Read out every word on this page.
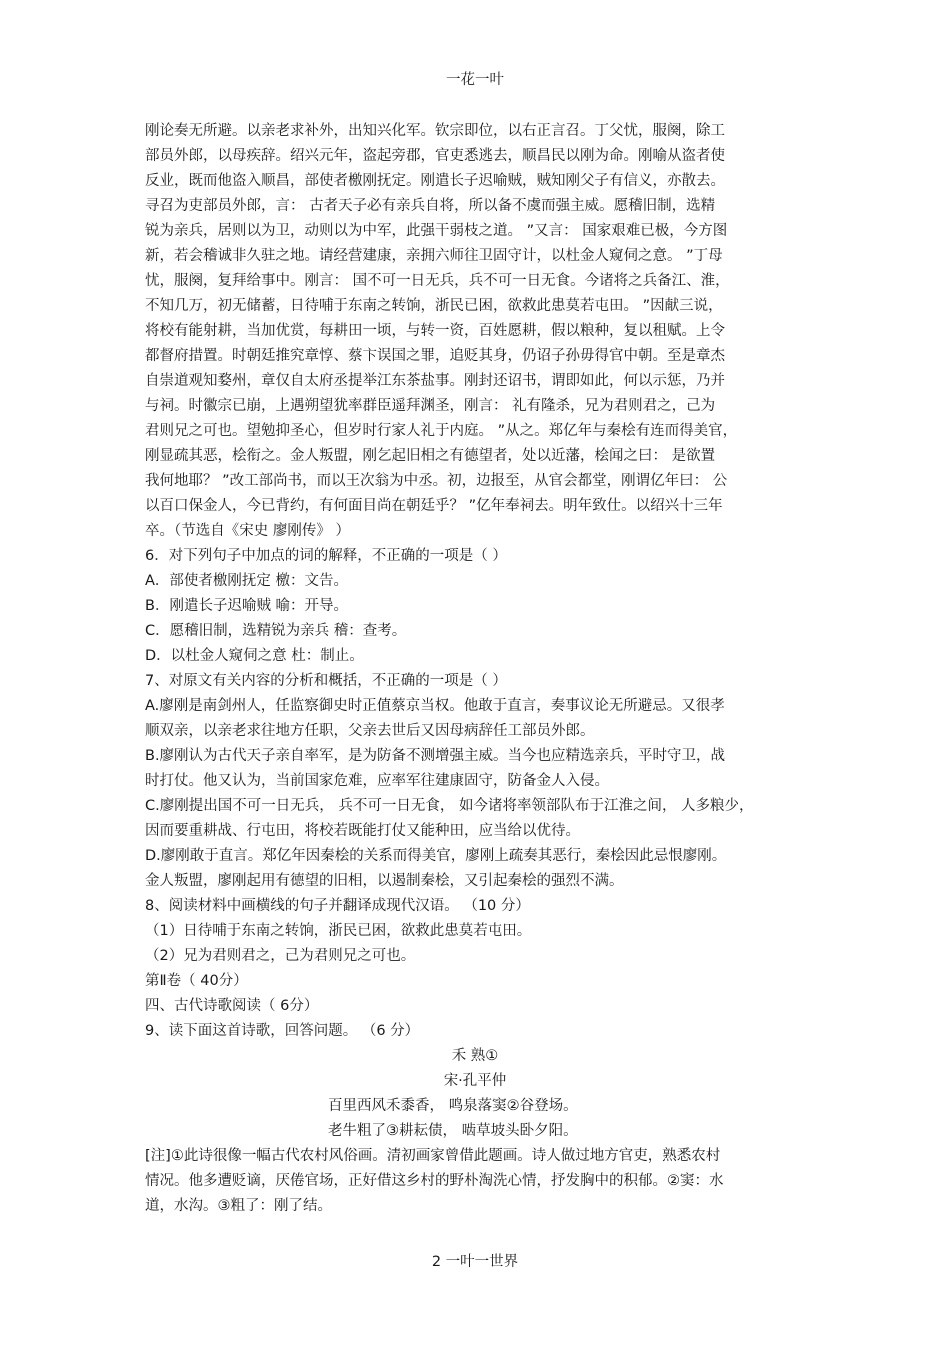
一花一叶
刚论奏无所避。以亲老求补外，出知兴化军。钦宗即位，以右正言召。丁父忧，服阕，除工
部员外郎，以母疾辞。绍兴元年，盗起旁郡，官吏悉逃去，顺昌民以刚为命。刚喻从盗者使
反业，既而他盗入顺昌，部使者檄刚抚定。刚遣长子迟喻贼，贼知刚父子有信义，亦散去。
寻召为吏部员外郎，言： 古者天子必有亲兵自将，所以备不虞而强主威。愿稽旧制，选精
锐为亲兵，居则以为卫，动则以为中军，此强干弱枝之道。 ”又言： 国家艰难已极，今方图
新，若会稽诚非久驻之地。请经营建康，亲拥六师往卫固守计，以杜金人窥伺之意。 ”丁母
忧，服阕，复拜给事中。刚言： 国不可一日无兵，兵不可一日无食。今诸将之兵备江、淮，
不知几万，初无储蓄，日待哺于东南之转饷，浙民已困，欲救此患莫若屯田。 ”因献三说，
将校有能射耕，当加优赏，每耕田一顷，与转一资，百姓愿耕，假以粮种，复以租赋。上令
都督府措置。时朝廷推究章惇、蔡卞误国之罪，追贬其身，仍诏子孙毋得官中朝。至是章杰
自崇道观知婺州，章仅自太府丞提举江东茶盐事。刚封还诏书，谓即如此，何以示惩，乃并
与祠。时徽宗已崩，上遇朔望犹率群臣遥拜渊圣，刚言： 礼有隆杀，兄为君则君之，己为
君则兄之可也。望勉抑圣心，但岁时行家人礼于内庭。 ”从之。郑亿年与秦桧有连而得美官，
刚显疏其恶，桧衔之。金人叛盟，刚乞起旧相之有德望者，处以近藩，桧闻之曰： 是欲置
我何地耶？ ”改工部尚书，而以王次翁为中丞。初，边报至，从官会都堂，刚谓亿年曰： 公
以百口保金人，今已背约，有何面目尚在朝廷乎？ ”亿年奉祠去。明年致仕。以绍兴十三年
卒。（节选自《宋史 廖刚传》 ）
6．对下列句子中加点的词的解释，不正确的一项是（ ）
A．部使者檄刚抚定 檄：文告。
B．刚遣长子迟喻贼 喻：开导。
C．愿稽旧制，选精锐为亲兵 稽：查考。
D．以杜金人窥伺之意 杜：制止。
7、对原文有关内容的分析和概括，不正确的一项是（ ）
A.廖刚是南剑州人，任监察御史时正值蔡京当权。他敢于直言，奏事议论无所避忌。又很孝
顺双亲，以亲老求往地方任职，父亲去世后又因母病辞任工部员外郎。
B.廖刚认为古代天子亲自率军，是为防备不测增强主威。当今也应精选亲兵，平时守卫，战
时打仗。他又认为，当前国家危难，应率军往建康固守，防备金人入侵。
C.廖刚提出国不可一日无兵， 兵不可一日无食， 如今诸将率领部队布于江淮之间， 人多粮少，
因而要重耕战、行屯田，将校若既能打仗又能种田，应当给以优待。
D.廖刚敢于直言。郑亿年因秦桧的关系而得美官，廖刚上疏奏其恶行，秦桧因此忌恨廖刚。
金人叛盟，廖刚起用有德望的旧相，以遏制秦桧，又引起秦桧的强烈不满。
8、阅读材料中画横线的句子并翻译成现代汉语。 （10 分）
（1）日待哺于东南之转饷，浙民已困，欲救此患莫若屯田。
（2）兄为君则君之，己为君则兄之可也。
第Ⅱ卷（ 40分）
四、古代诗歌阅读（ 6分）
9、读下面这首诗歌，回答问题。 （6 分）
禾 熟①
宋·孔平仲
百里西风禾黍香， 鸣泉落窦②谷登场。
老牛粗了③耕耘债， 啮草坡头卧夕阳。
[注]①此诗很像一幅古代农村风俗画。清初画家曾借此题画。诗人做过地方官吏，熟悉农村
情况。他多遭贬谪，厌倦官场，正好借这乡村的野朴淘洗心情，抒发胸中的积郁。②窦：水
道，水沟。③粗了：刚了结。
2 一叶一世界
